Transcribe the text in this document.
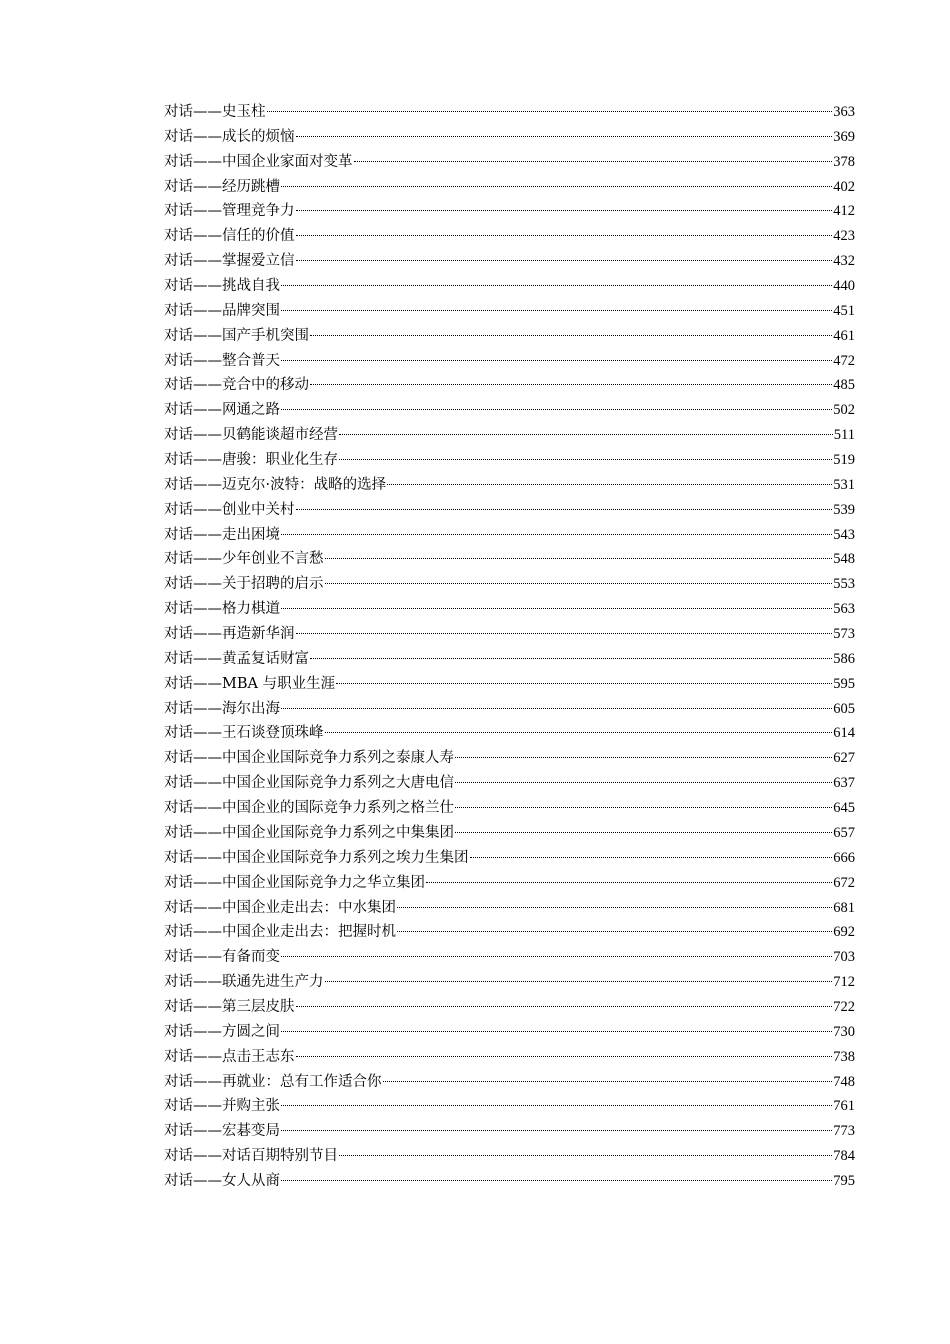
对话——史玉柱	363
对话——成长的烦恼	369
对话——中国企业家面对变革	378
对话——经历跳槽	402
对话——管理竞争力	412
对话——信任的价值	423
对话——掌握爱立信	432
对话——挑战自我	440
对话——品牌突围	451
对话——国产手机突围	461
对话——整合普天	472
对话——竞合中的移动	485
对话——网通之路	502
对话——贝鹤能谈超市经营	511
对话——唐骏：职业化生存	519
对话——迈克尔·波特：战略的选择	531
对话——创业中关村	539
对话——走出困境	543
对话——少年创业不言愁	548
对话——关于招聘的启示	553
对话——格力棋道	563
对话——再造新华润	573
对话——黄孟复话财富	586
对话——MBA 与职业生涯	595
对话——海尔出海	605
对话——王石谈登顶珠峰	614
对话——中国企业国际竞争力系列之泰康人寿	627
对话——中国企业国际竞争力系列之大唐电信	637
对话——中国企业的国际竞争力系列之格兰仕	645
对话——中国企业国际竞争力系列之中集集团	657
对话——中国企业国际竞争力系列之埃力生集团	666
对话——中国企业国际竞争力之华立集团	672
对话——中国企业走出去：中水集团	681
对话——中国企业走出去：把握时机	692
对话——有备而变	703
对话——联通先进生产力	712
对话——第三层皮肤	722
对话——方圆之间	730
对话——点击王志东	738
对话——再就业：总有工作适合你	748
对话——并购主张	761
对话——宏碁变局	773
对话——对话百期特别节目	784
对话——女人从商	795
